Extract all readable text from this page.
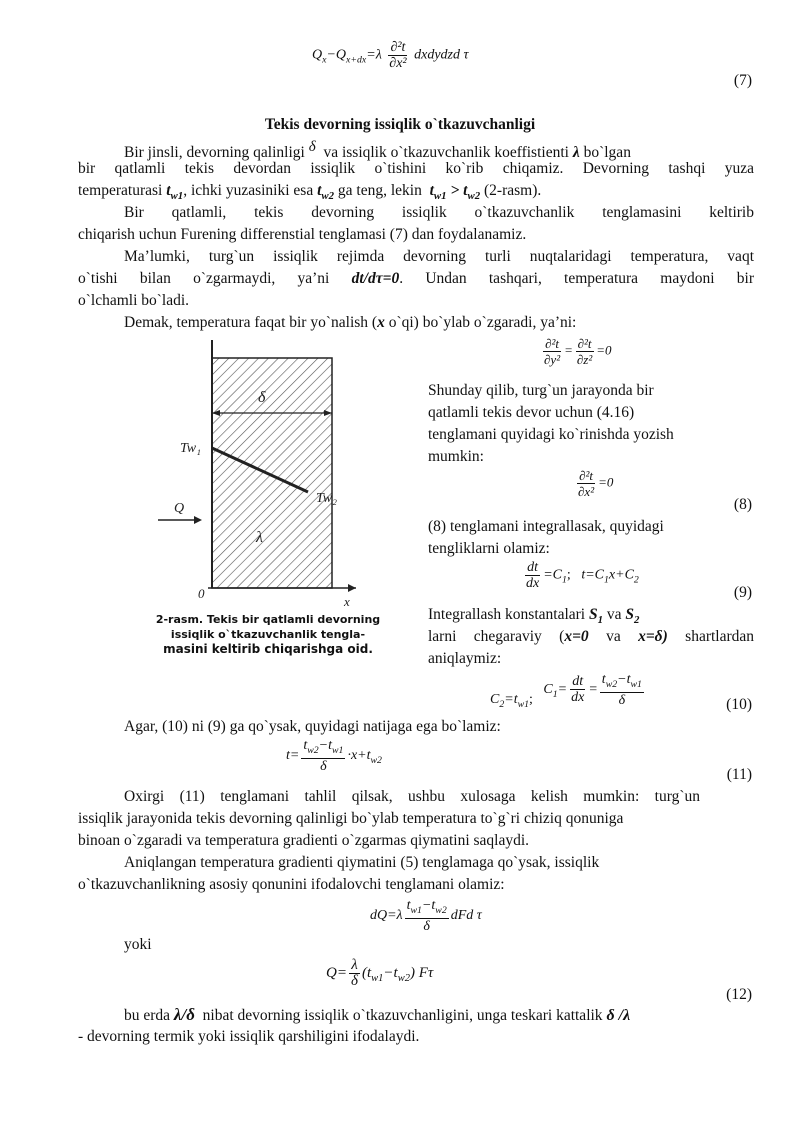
$Q_x-Q_{x+dx}=\lambda \frac{\text{∂²t}}{\text{∂x²}}$ dxdydzd τ
(7)
Tekis devorning issiqlik o`tkazuvchanligi
Bir jinsli, devorning qalinligi δ va issiqlik o`tkazuvchanlik koeffistienti λ bo`lgan
bir qatlamli tekis devordan issiqlik o`tishini ko`rib chiqamiz. Devorning tashqi yuza
temperaturasi $t_{w1}$, ichki yuzasiniki esa $t_{w2}$ ga teng, lekin $t_{w1} > t_{w2}$ (2-rasm).
Bir qatlamli, tekis devorning issiqlik o`tkazuvchanlik tenglamasini keltirib
chiqarish uchun Furening differenstial tenglamasi (7) dan foydalanamiz.
Ma’lumki, turg`un issiqlik rejimda devorning turli nuqtalaridagi temperatura, vaqt
o`tishi bilan o`zgarmaydi, ya’ni dt/dτ=0. Undan tashqari, temperatura maydoni bir
o`lchamli bo`ladi.
Demak, temperatura faqat bir yo`nalish (x o`qi) bo`ylab o`zgaradi, ya’ni:
$\frac{\text{∂²t}}{\text{∂y²}} = \frac{\text{∂²t}}{\text{∂z²}} =0$
Shunday qilib, turg`un jarayonda bir
qatlamli tekis devor uchun (4.16)
tenglamani quyidagi ko`rinishda yozish
mumkin:
$\frac{\text{∂²t}}{\text{∂x²}} =0$
(8)
(8) tenglamani integrallasak, quyidagi
tengliklarni olamiz:
$\frac{dt}{dx} =C_1$; $t=C_1x+C_2$
(9)
Integrallash konstantalari $S_1$ va $S_2$
larni chegaraviy (x=0 va x=δ) shartlardan
aniqlaymiz:
$C_2=t_{w1}$;   $C_1= \frac{dt}{dx} = \frac{t_{w2}-t_{w1}}{\delta}$	(10)
Agar, (10) ni (9) ga qo`ysak, quyidagi natijaga ega bo`lamiz:
$t= \frac{t_{w2}-t_{w1}}{\delta} \cdot x+t_{w2}$
(11)
Oxirgi (11) tenglamani tahlil qilsak, ushbu xulosaga kelish mumkin: turg`un
issiqlik jarayonida tekis devorning qalinligi bo`ylab temperatura to`g`ri chiziq qonuniga
binoan o`zgaradi va temperatura gradienti o`zgarmas qiymatini saqlaydi.
Aniqlangan temperatura gradienti qiymatini (5) tenglamaga qo`ysak, issiqlik
o`tkazuvchanlikning asosiy qonunini ifodalovchi tenglamani olamiz:
$dQ=\lambda \frac{t_{w1}-t_{w2}}{\delta}$ dFd τ
yoki
$Q= \frac{\lambda}{\delta} (t_{w1}-t_{w2})$ Fτ
(12)
bu erda λ/δ nibat devorning issiqlik o`tkazuvchanligini, unga teskari kattalik δ /λ
- devorning termik yoki issiqlik qarshiligini ifodalaydi.
δ
Tw₁
Tw₂
Q
λ
0
x
2-rasm. Tekis bir qatlamli devorning
issiqlik o`tkazuvchanlik tengla-
masini keltirib chiqarishga oid.
